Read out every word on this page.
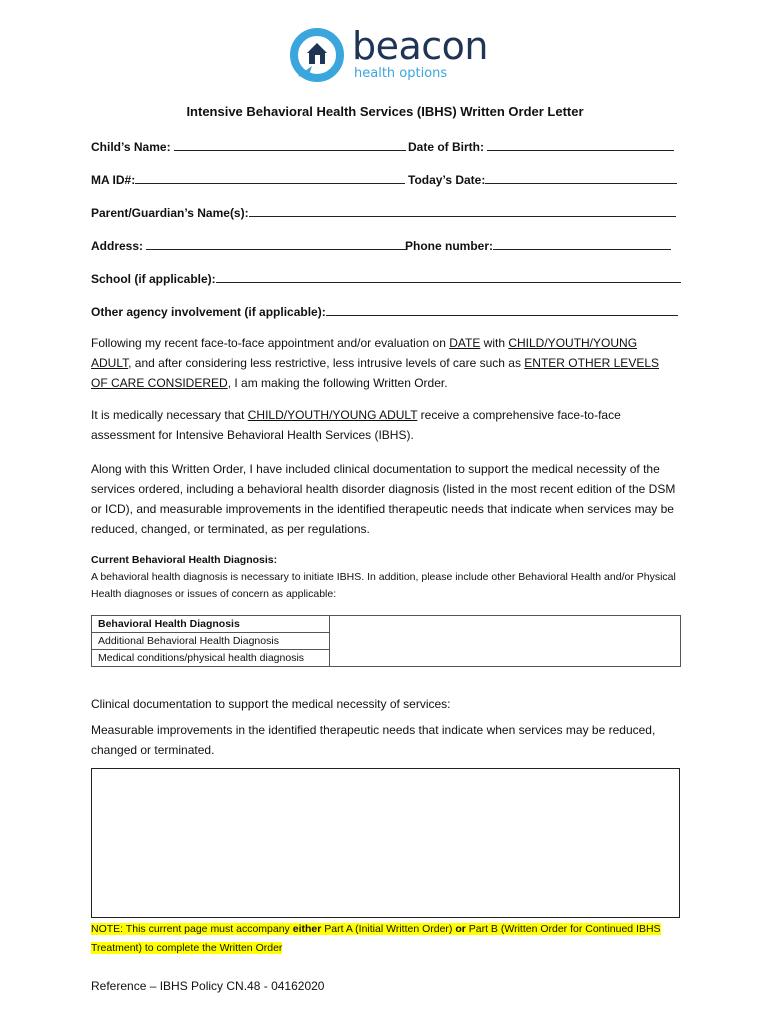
beacon
health options
Intensive Behavioral Health Services (IBHS) Written Order Letter
Child’s Name:	Date of Birth:
MA ID#:	Today’s Date:
Parent/Guardian’s Name(s):
Address:	Phone number:
School (if applicable):
Other agency involvement (if applicable):
Following my recent face-to-face appointment and/or evaluation on DATE with CHILD/YOUTH/YOUNG
ADULT, and after considering less restrictive, less intrusive levels of care such as ENTER OTHER LEVELS
OF CARE CONSIDERED, I am making the following Written Order.
It is medically necessary that CHILD/YOUTH/YOUNG ADULT receive a comprehensive face-to-face assessment for Intensive Behavioral Health Services (IBHS).
Along with this Written Order, I have included clinical documentation to support the medical necessity of the services ordered, including a behavioral health disorder diagnosis (listed in the most recent edition of the DSM or ICD), and measurable improvements in the identified therapeutic needs that indicate when services may be reduced, changed, or terminated, as per regulations.
Current Behavioral Health Diagnosis:
A behavioral health diagnosis is necessary to initiate IBHS. In addition, please include other Behavioral Health and/or Physical Health diagnoses or issues of concern as applicable:
Behavioral Health Diagnosis	
Additional Behavioral Health Diagnosis
Medical conditions/physical health diagnosis
Clinical documentation to support the medical necessity of services:
Measurable improvements in the identified therapeutic needs that indicate when services may be reduced, changed or terminated.
NOTE: This current page must accompany either Part A (Initial Written Order) or Part B (Written Order for Continued IBHS Treatment) to complete the Written Order
Reference – IBHS Policy CN.48 - 04162020
